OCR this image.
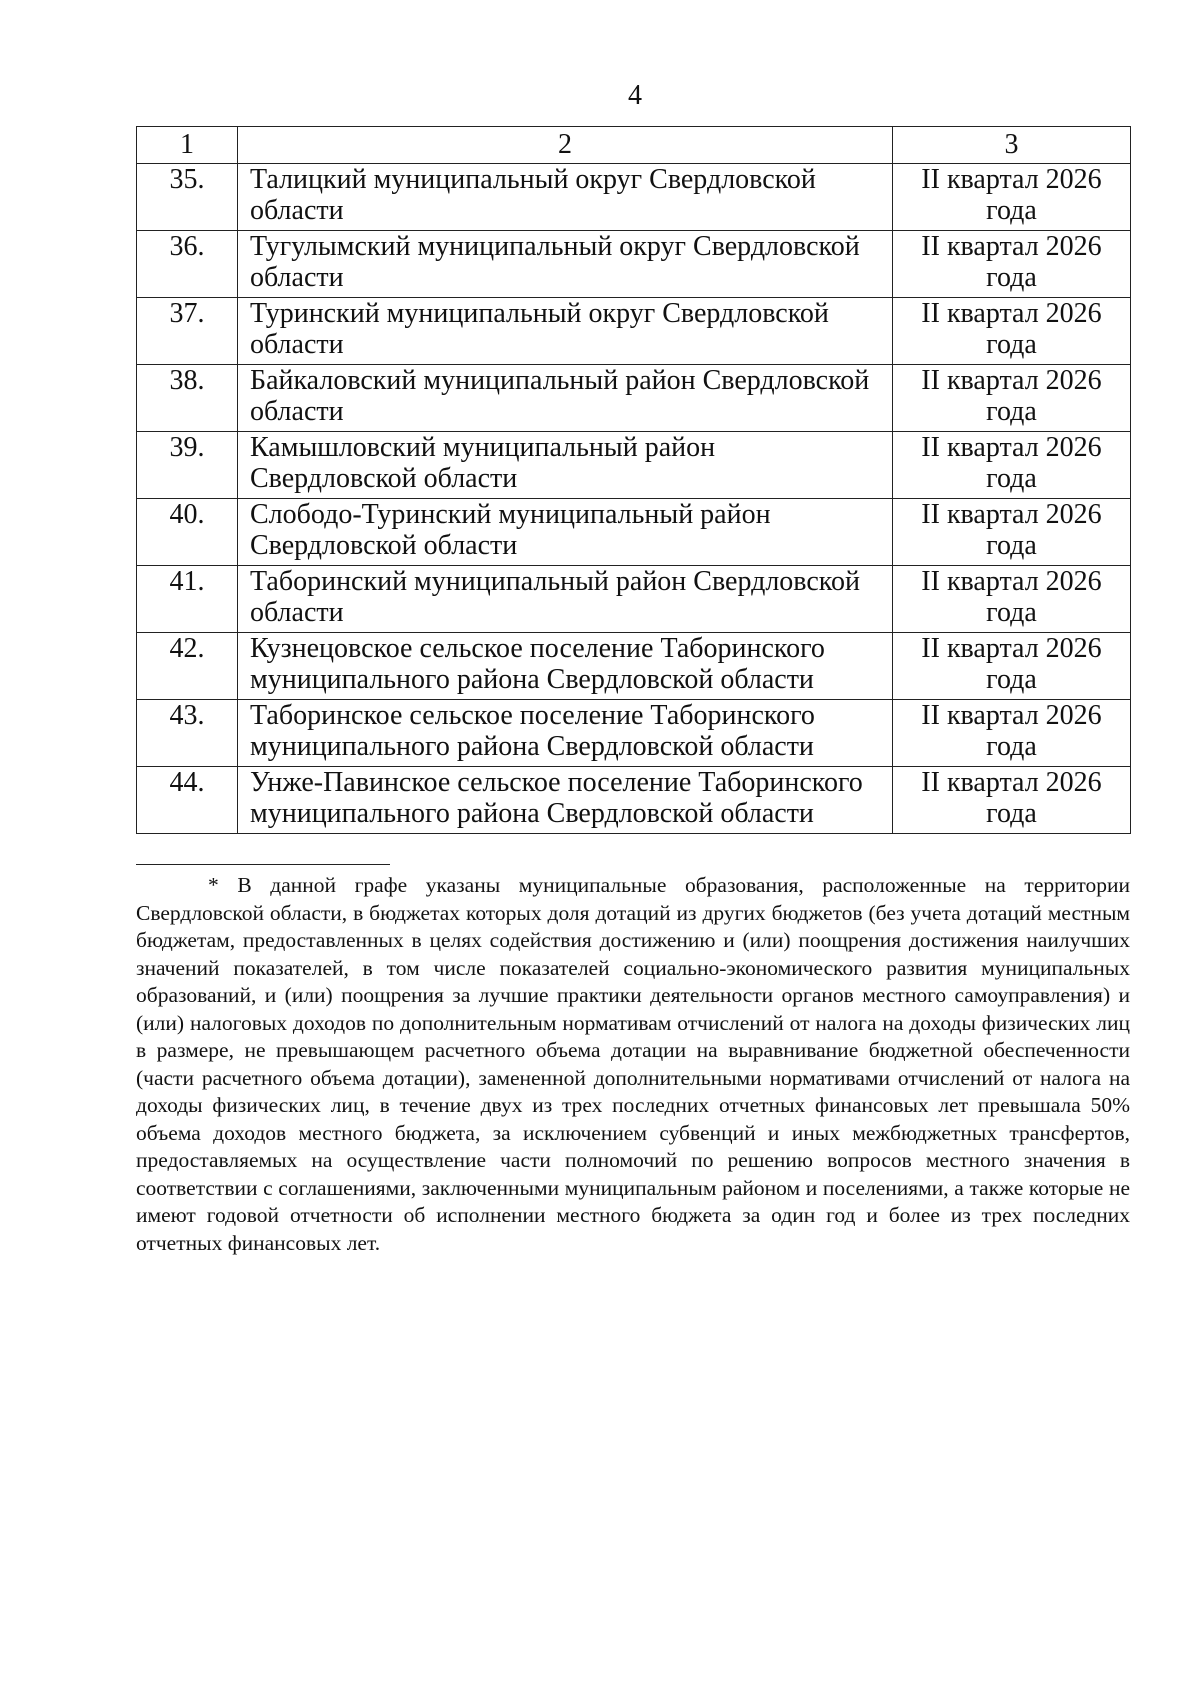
4
1	2	3
35.	Талицкий муниципальный округ Свердловской области	II квартал 2026 года
36.	Тугулымский муниципальный округ Свердловской области	II квартал 2026 года
37.	Туринский муниципальный округ Свердловской области	II квартал 2026 года
38.	Байкаловский муниципальный район Свердловской области	II квартал 2026 года
39.	Камышловский муниципальный район Свердловской области	II квартал 2026 года
40.	Слободо-Туринский муниципальный район Свердловской области	II квартал 2026 года
41.	Таборинский муниципальный район Свердловской области	II квартал 2026 года
42.	Кузнецовское сельское поселение Таборинского муниципального района Свердловской области	II квартал 2026 года
43.	Таборинское сельское поселение Таборинского муниципального района Свердловской области	II квартал 2026 года
44.	Унже-Павинское сельское поселение Таборинского муниципального района Свердловской области	II квартал 2026 года

* В данной графе указаны муниципальные образования, расположенные на территории Свердловской области, в бюджетах которых доля дотаций из других бюджетов (без учета дотаций местным бюджетам, предоставленных в целях содействия достижению и (или) поощрения достижения наилучших значений показателей, в том числе показателей социально-экономического развития муниципальных образований, и (или) поощрения за лучшие практики деятельности органов местного самоуправления) и (или) налоговых доходов по дополнительным нормативам отчислений от налога на доходы физических лиц в размере, не превышающем расчетного объема дотации на выравнивание бюджетной обеспеченности (части расчетного объема дотации), замененной дополнительными нормативами отчислений от налога на доходы физических лиц, в течение двух из трех последних отчетных финансовых лет превышала 50% объема доходов местного бюджета, за исключением субвенций и иных межбюджетных трансфертов, предоставляемых на осуществление части полномочий по решению вопросов местного значения в соответствии с соглашениями, заключенными муниципальным районом и поселениями, а также которые не имеют годовой отчетности об исполнении местного бюджета за один год и более из трех последних отчетных финансовых лет.
